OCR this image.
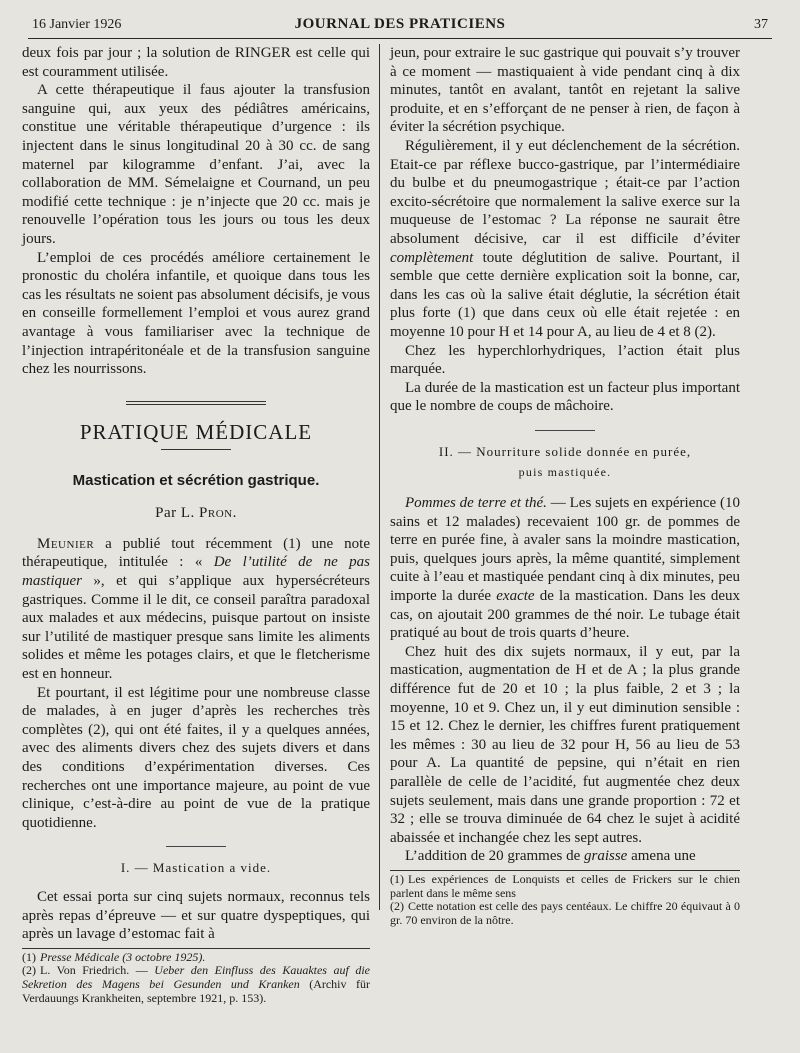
16 Janvier 1926	JOURNAL DES PRATICIENS	37

deux fois par jour ; la solution de RINGER est celle qui est couramment utilisée.

A cette thérapeutique il faus ajouter la transfusion sanguine qui, aux yeux des pédiâtres américains, constitue une véritable thérapeutique d’urgence : ils injectent dans le sinus longitudinal 20 à 30 cc. de sang maternel par kilogramme d’enfant. J’ai, avec la collaboration de MM. Sémelaigne et Cournand, un peu modifié cette technique : je n’injecte que 20 cc. mais je renouvelle l’opération tous les jours ou tous les deux jours.

L’emploi de ces procédés améliore certainement le pronostic du choléra infantile, et quoique dans tous les cas les résultats ne soient pas absolument décisifs, je vous en conseille formellement l’emploi et vous aurez grand avantage à vous familiariser avec la technique de l’injection intrapéritonéale et de la transfusion sanguine chez les nourrissons.

PRATIQUE MÉDICALE
Mastication et sécrétion gastrique.
Par L. Pron.

Meunier a publié tout récemment (1) une note thérapeutique, intitulée : « De l’utilité de ne pas mastiquer », et qui s’applique aux hypersécréteurs gastriques. Comme il le dit, ce conseil paraîtra paradoxal aux malades et aux médecins, puisque partout on insiste sur l’utilité de mastiquer presque sans limite les aliments solides et même les potages clairs, et que le fletcherisme est en honneur.

Et pourtant, il est légitime pour une nombreuse classe de malades, à en juger d’après les recherches très complètes (2), qui ont été faites, il y a quelques années, avec des aliments divers chez des sujets divers et dans des conditions d’expérimentation diverses. Ces recherches ont une importance majeure, au point de vue clinique, c’est-à-dire au point de vue de la pratique quotidienne.

I. — Mastication a vide.

Cet essai porta sur cinq sujets normaux, reconnus tels après repas d’épreuve — et sur quatre dyspeptiques, qui après un lavage d’estomac fait à

(1) Presse Médicale (3 octobre 1925).

(2) L. Von Friedrich. — Ueber den Einfluss des Kauaktes auf die Sekretion des Magens bei Gesunden und Kranken (Archiv für Verdauungs Krankheiten, septembre 1921, p. 153).

jeun, pour extraire le suc gastrique qui pouvait s’y trouver à ce moment — mastiquaient à vide pendant cinq à dix minutes, tantôt en avalant, tantôt en rejetant la salive produite, et en s’efforçant de ne penser à rien, de façon à éviter la sécrétion psychique.

Régulièrement, il y eut déclenchement de la sécrétion. Etait-ce par réflexe bucco-gastrique, par l’intermédiaire du bulbe et du pneumogastrique ; était-ce par l’action excito-sécrétoire que normalement la salive exerce sur la muqueuse de l’estomac ? La réponse ne saurait être absolument décisive, car il est difficile d’éviter complètement toute déglutition de salive. Pourtant, il semble que cette dernière explication soit la bonne, car, dans les cas où la salive était déglutie, la sécrétion était plus forte (1) que dans ceux où elle était rejetée : en moyenne 10 pour H et 14 pour A, au lieu de 4 et 8 (2).

Chez les hyperchlorhydriques, l’action était plus marquée.

La durée de la mastication est un facteur plus important que le nombre de coups de mâchoire.

II. — Nourriture solide donnée en purée,
puis mastiquée.

Pommes de terre et thé. — Les sujets en expérience (10 sains et 12 malades) recevaient 100 gr. de pommes de terre en purée fine, à avaler sans la moindre mastication, puis, quelques jours après, la même quantité, simplement cuite à l’eau et mastiquée pendant cinq à dix minutes, peu importe la durée exacte de la mastication. Dans les deux cas, on ajoutait 200 grammes de thé noir. Le tubage était pratiqué au bout de trois quarts d’heure.

Chez huit des dix sujets normaux, il y eut, par la mastication, augmentation de H et de A ; la plus grande différence fut de 20 et 10 ; la plus faible, 2 et 3 ; la moyenne, 10 et 9. Chez un, il y eut diminution sensible : 15 et 12. Chez le dernier, les chiffres furent pratiquement les mêmes : 30 au lieu de 32 pour H, 56 au lieu de 53 pour A. La quantité de pepsine, qui n’était en rien parallèle de celle de l’acidité, fut augmentée chez deux sujets seulement, mais dans une grande proportion : 72 et 32 ; elle se trouva diminuée de 64 chez le sujet à acidité abaissée et inchangée chez les sept autres.

L’addition de 20 grammes de graisse amena une

(1) Les expériences de Lonquists et celles de Frickers sur le chien parlent dans le même sens

(2) Cette notation est celle des pays centéaux. Le chiffre 20 équivaut à 0 gr. 70 environ de la nôtre.
